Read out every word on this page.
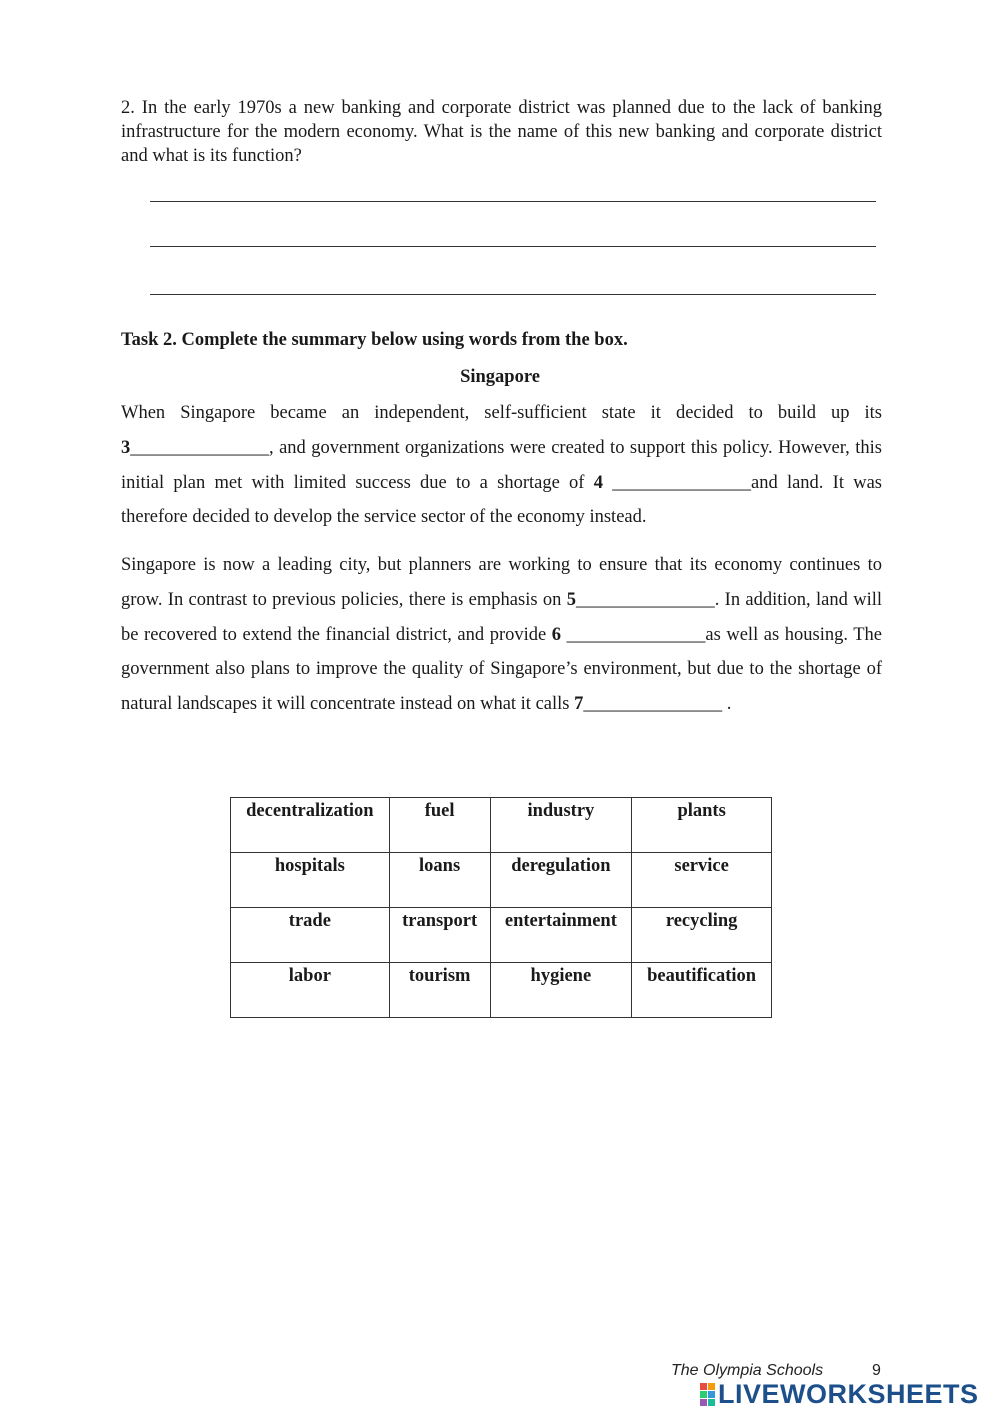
2. In the early 1970s a new banking and corporate district was planned due to the lack of banking infrastructure for the modern economy. What is the name of this new banking and corporate district and what is its function?
Task 2. Complete the summary below using words from the box.
Singapore
When Singapore became an independent, self-sufficient state it decided to build up its 3_______________, and government organizations were created to support this policy. However, this initial plan met with limited success due to a shortage of 4 _______________and land. It was therefore decided to develop the service sector of the economy instead.
Singapore is now a leading city, but planners are working to ensure that its economy continues to grow. In contrast to previous policies, there is emphasis on 5_______________. In addition, land will be recovered to extend the financial district, and provide 6 _______________as well as housing. The government also plans to improve the quality of Singapore’s environment, but due to the shortage of natural landscapes it will concentrate instead on what it calls 7_______________ .
decentralization	fuel	industry	plants
hospitals	loans	deregulation	service
trade	transport	entertainment	recycling
labor	tourism	hygiene	beautification
The Olympia Schools	9
LIVEWORKSHEETS
